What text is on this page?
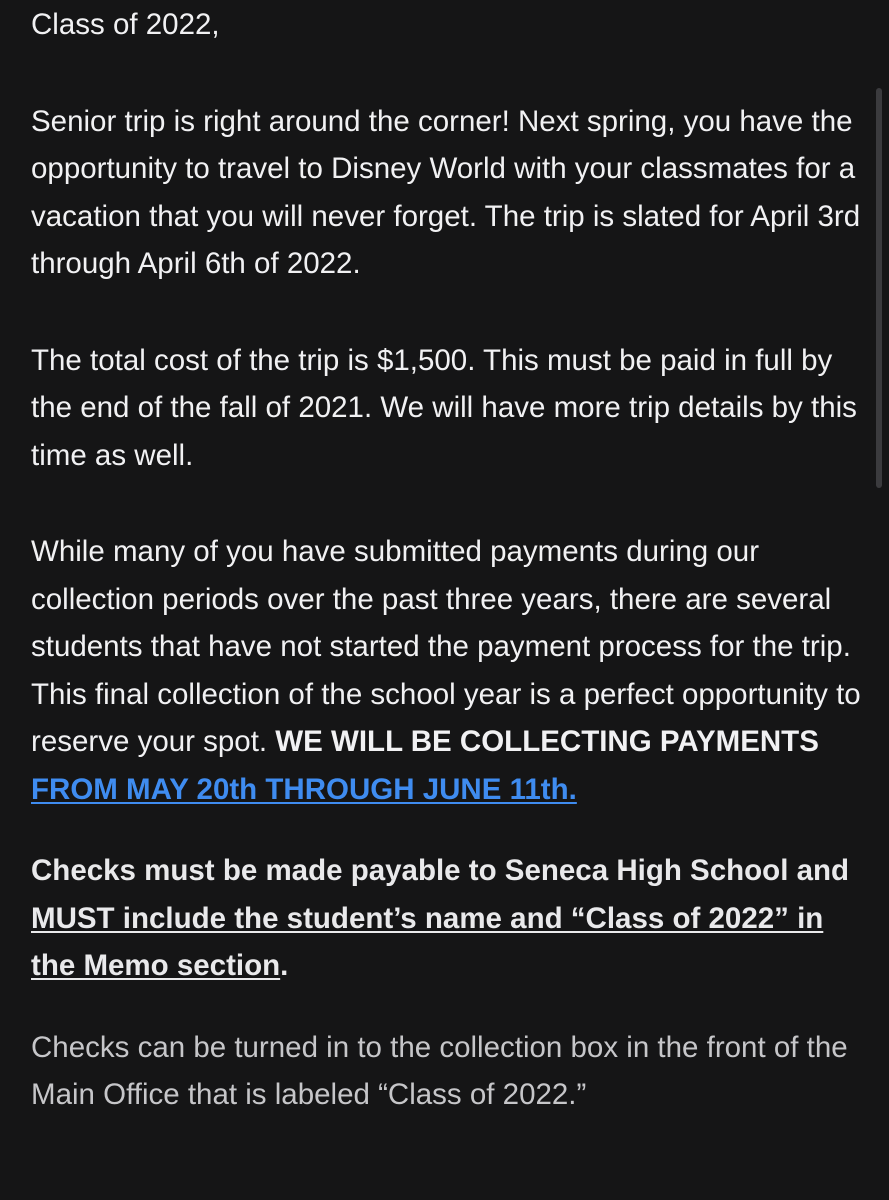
Class of 2022,

Senior trip is right around the corner! Next spring, you have the opportunity to travel to Disney World with your classmates for a vacation that you will never forget. The trip is slated for April 3rd through April 6th of 2022.

The total cost of the trip is $1,500. This must be paid in full by the end of the fall of 2021. We will have more trip details by this time as well.

While many of you have submitted payments during our collection periods over the past three years, there are several students that have not started the payment process for the trip. This final collection of the school year is a perfect opportunity to reserve your spot. WE WILL BE COLLECTING PAYMENTS FROM MAY 20th THROUGH JUNE 11th.

Checks must be made payable to Seneca High School and MUST include the student’s name and “Class of 2022” in the Memo section.

Checks can be turned in to the collection box in the front of the Main Office that is labeled “Class of 2022.”
